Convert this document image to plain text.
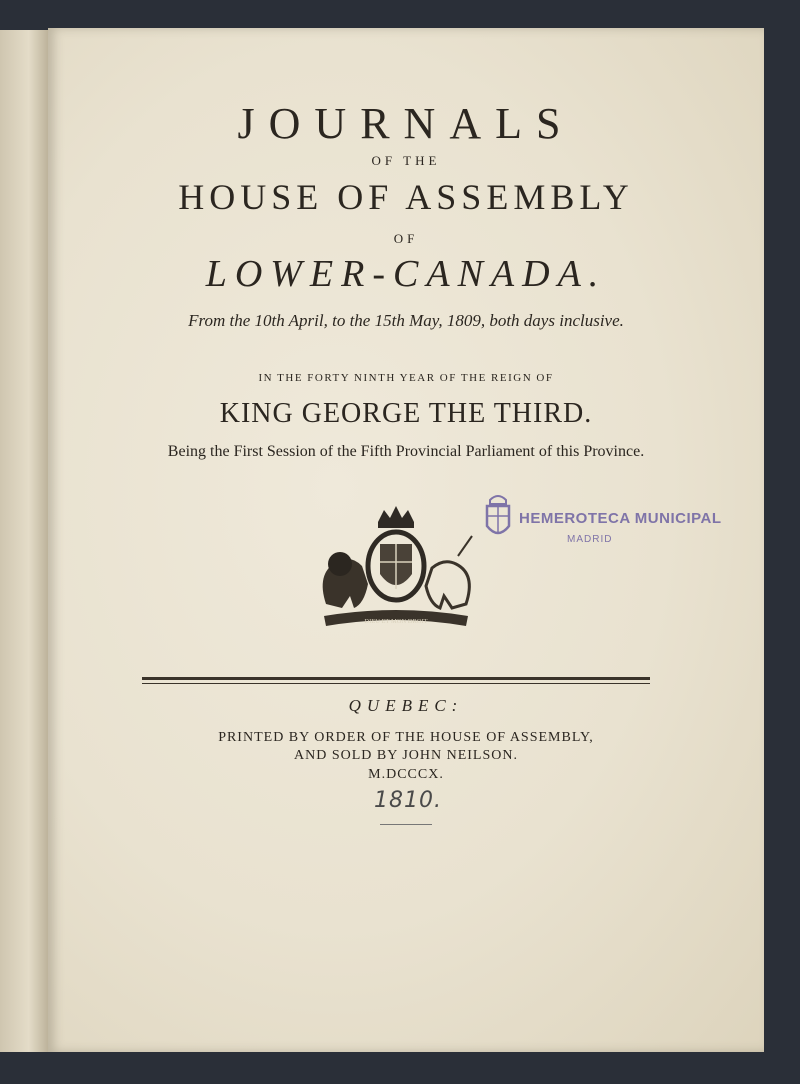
JOURNALS
OF THE
HOUSE OF ASSEMBLY
OF
LOWER-CANADA.
From the 10th April, to the 15th May, 1809, both days inclusive.
IN THE FORTY NINTH YEAR OF THE REIGN OF
KING GEORGE THE THIRD.
Being the First Session of the Fifth Provincial Parliament of this Province.
HEMEROTECA MUNICIPAL
MADRID
DIEU ET MON DROIT
QUEBEC:
PRINTED BY ORDER OF THE HOUSE OF ASSEMBLY,
AND SOLD BY JOHN NEILSON.
M.DCCCX.
1810.
